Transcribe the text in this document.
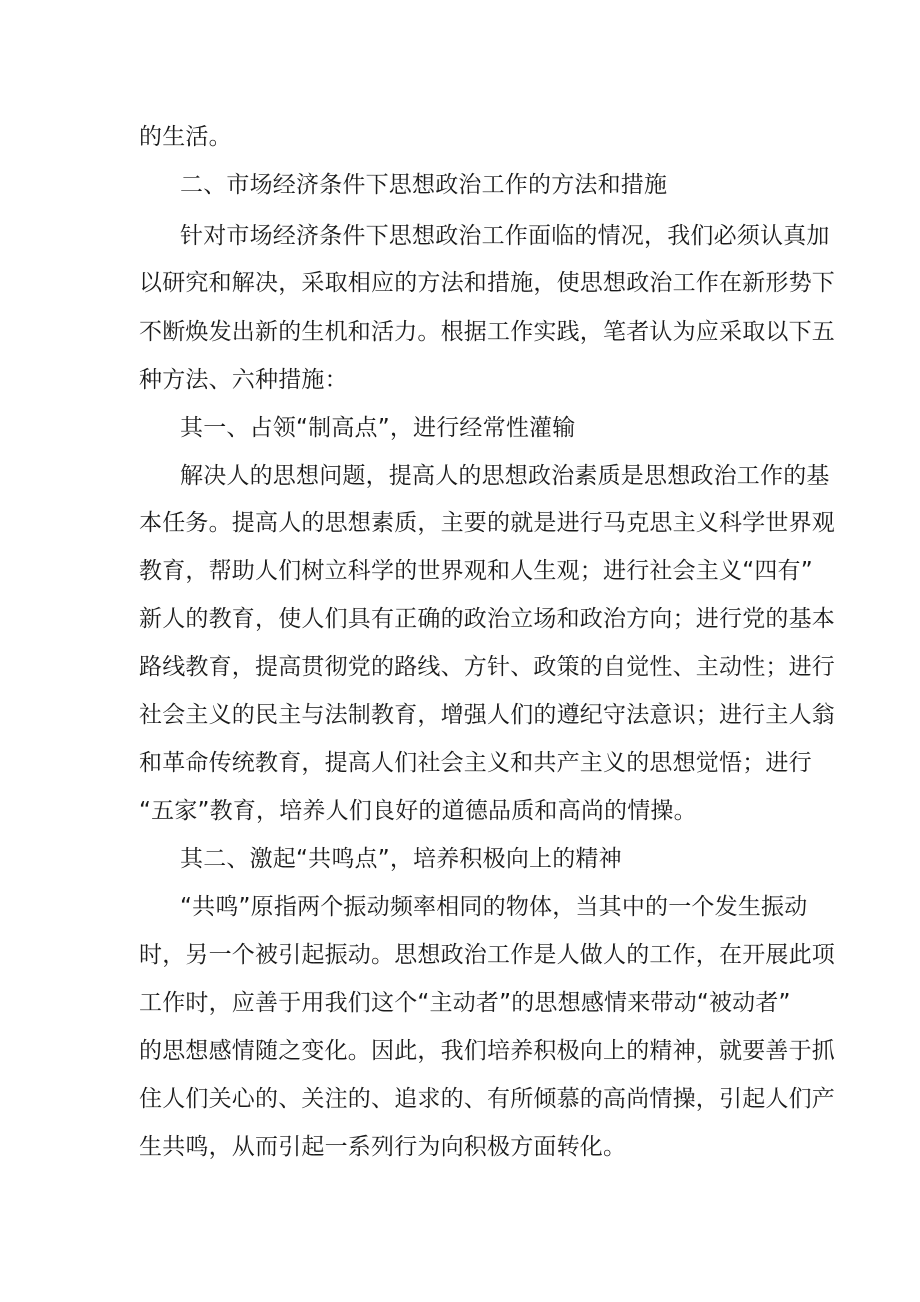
的生活。
二、市场经济条件下思想政治工作的方法和措施
针对市场经济条件下思想政治工作面临的情况，我们必须认真加
以研究和解决，采取相应的方法和措施，使思想政治工作在新形势下
不断焕发出新的生机和活力。根据工作实践，笔者认为应采取以下五
种方法、六种措施：
其一、占领“制高点”，进行经常性灌输
解决人的思想问题，提高人的思想政治素质是思想政治工作的基
本任务。提高人的思想素质，主要的就是进行马克思主义科学世界观
教育，帮助人们树立科学的世界观和人生观；进行社会主义“四有”
新人的教育，使人们具有正确的政治立场和政治方向；进行党的基本
路线教育，提高贯彻党的路线、方针、政策的自觉性、主动性；进行
社会主义的民主与法制教育，增强人们的遵纪守法意识；进行主人翁
和革命传统教育，提高人们社会主义和共产主义的思想觉悟；进行
“五家”教育，培养人们良好的道德品质和高尚的情操。
其二、激起“共鸣点”，培养积极向上的精神
“共鸣”原指两个振动频率相同的物体，当其中的一个发生振动
时，另一个被引起振动。思想政治工作是人做人的工作，在开展此项
工作时，应善于用我们这个“主动者”的思想感情来带动“被动者”
的思想感情随之变化。因此，我们培养积极向上的精神，就要善于抓
住人们关心的、关注的、追求的、有所倾慕的高尚情操，引起人们产
生共鸣，从而引起一系列行为向积极方面转化。
